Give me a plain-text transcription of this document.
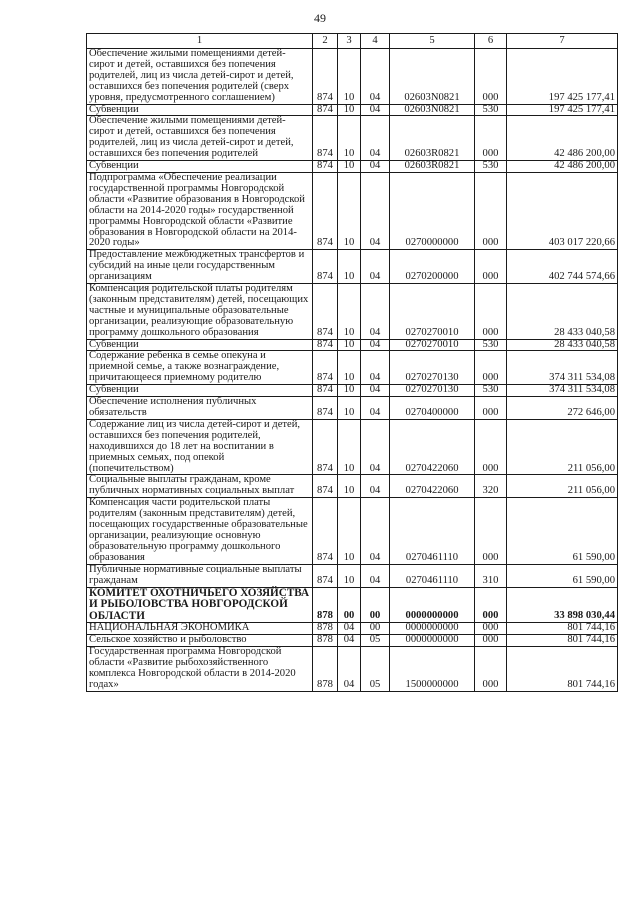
49
1	2	3	4	5	6	7
Обеспечение жилыми помещениями детей-сирот и детей, оставшихся без попечения родителей, лиц из числа детей-сирот и детей, оставшихся без попечения родителей (сверх уровня, предусмотренного соглашением)	874	10	04	02603N0821	000	197 425 177,41
Субвенции	874	10	04	02603N0821	530	197 425 177,41
Обеспечение жилыми помещениями детей-сирот и детей, оставшихся без попечения родителей, лиц из числа детей-сирот и детей, оставшихся без попечения родителей	874	10	04	02603R0821	000	42 486 200,00
Субвенции	874	10	04	02603R0821	530	42 486 200,00
Подпрограмма «Обеспечение реализации государственной программы Новгородской области «Развитие образования в Новгородской области на 2014-2020 годы» государственной программы Новгородской области «Развитие образования в Новгородской области на 2014-2020 годы»	874	10	04	0270000000	000	403 017 220,66
Предоставление межбюджетных трансфертов и субсидий на иные цели государственным организациям	874	10	04	0270200000	000	402 744 574,66
Компенсация родительской платы родителям (законным представителям) детей, посещающих частные и муниципальные образовательные организации, реализующие образовательную программу дошкольного образования	874	10	04	0270270010	000	28 433 040,58
Субвенции	874	10	04	0270270010	530	28 433 040,58
Содержание ребенка в семье опекуна и приемной семье, а также вознаграждение, причитающееся приемному родителю	874	10	04	0270270130	000	374 311 534,08
Субвенции	874	10	04	0270270130	530	374 311 534,08
Обеспечение исполнения публичных обязательств	874	10	04	0270400000	000	272 646,00
Содержание лиц из числа детей-сирот и детей, оставшихся без попечения родителей, находившихся до 18 лет на воспитании в приемных семьях, под опекой (попечительством)	874	10	04	0270422060	000	211 056,00
Социальные выплаты гражданам, кроме публичных нормативных социальных выплат	874	10	04	0270422060	320	211 056,00
Компенсация части родительской платы родителям (законным представителям) детей, посещающих государственные образовательные организации, реализующие основную образовательную программу дошкольного образования	874	10	04	0270461110	000	61 590,00
Публичные нормативные социальные выплаты гражданам	874	10	04	0270461110	310	61 590,00
КОМИТЕТ ОХОТНИЧЬЕГО ХОЗЯЙСТВА И РЫБОЛОВСТВА НОВГОРОДСКОЙ ОБЛАСТИ	878	00	00	0000000000	000	33 898 030,44
НАЦИОНАЛЬНАЯ ЭКОНОМИКА	878	04	00	0000000000	000	801 744,16
Сельское хозяйство и рыболовство	878	04	05	0000000000	000	801 744,16
Государственная программа Новгородской области «Развитие рыбохозяйственного комплекса Новгородской области в 2014-2020 годах»	878	04	05	1500000000	000	801 744,16
